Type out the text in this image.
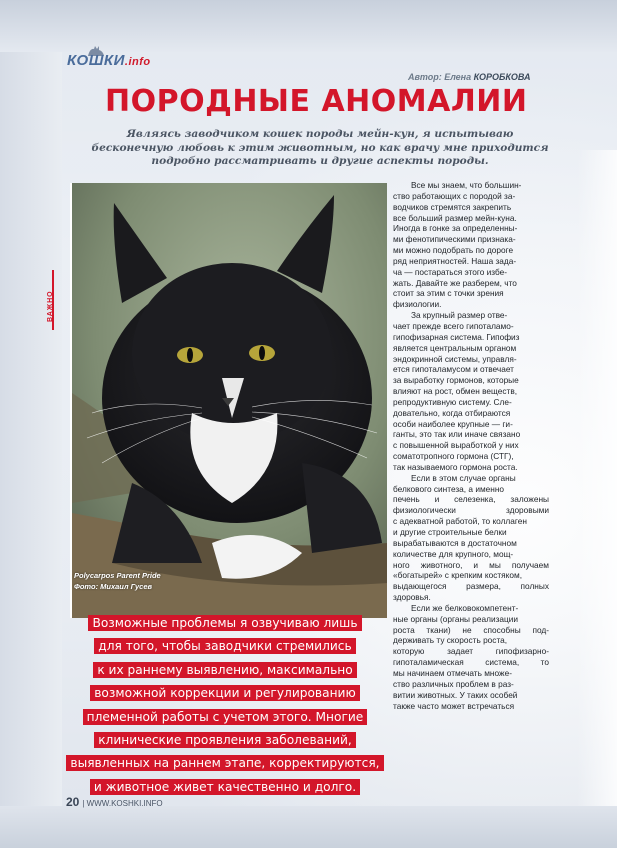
КОШКИ.info
Автор: Елена КОРОБКОВА
ПОРОДНЫЕ АНОМАЛИИ
Являясь заводчиком кошек породы мейн-кун, я испытываю
бесконечную любовь к этим животным, но как врачу мне приходится
подробно рассматривать и другие аспекты породы.
ВАЖНО
Polycarpos Parent Pride
Фото: Михаил Гусев
Все мы знаем, что большин-
ство работающих с породой за-
водчиков стремятся закрепить
все больший размер мейн-куна.
Иногда в гонке за определенны-
ми фенотипическими признака-
ми можно подобрать по дороге
ряд неприятностей. Наша зада-
ча — постараться этого избе-
жать. Давайте же разберем, что
стоит за этим с точки зрения
физиологии.
За крупный размер отве-
чает прежде всего гипоталамо-
гипофизарная система. Гипофиз
является центральным органом
эндокринной системы, управля-
ется гипоталамусом и отвечает
за выработку гормонов, которые
влияют на рост, обмен веществ,
репродуктивную систему. Сле-
довательно, когда отбираются
особи наиболее крупные — ги-
ганты, это так или иначе связано
с повышенной выработкой у них
соматотропного гормона (СТГ),
так называемого гормона роста.
Если в этом случае органы
белкового синтеза, а именно
печень и селезенка, заложены
физиологически здоровыми
с адекватной работой, то коллаген
и другие строительные белки
вырабатываются в достаточном
количестве для крупного, мощ-
ного животного, и мы получаем
«богатырей» с крепким костяком,
выдающегося размера, полных
здоровья.
Если же белковокомпетент-
ные органы (органы реализации
роста ткани) не способны под-
держивать ту скорость роста,
которую задает гипофизарно-
гипоталамическая система, то
мы начинаем отмечать множе-
ство различных проблем в раз-
витии животных. У таких особей
также часто может встречаться
Возможные проблемы я озвучиваю лишь
для того, чтобы заводчики стремились
к их раннему выявлению, максимально
возможной коррекции и регулированию
племенной работы с учетом этого. Многие
клинические проявления заболеваний,
выявленных на раннем этапе, корректируются,
и животное живет качественно и долго.
20 | WWW.KOSHKI.INFO
